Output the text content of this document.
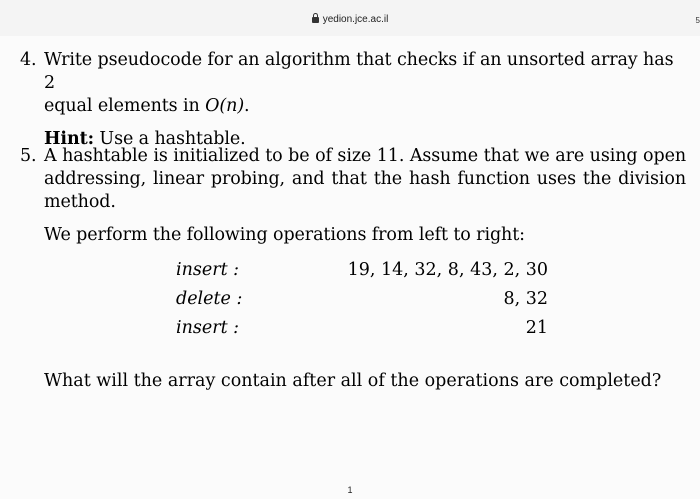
yedion.jce.ac.il	5
4. Write pseudocode for an algorithm that checks if an unsorted array has 2

equal elements in O(n).

Hint: Use a hashtable.

5. A hashtable is initialized to be of size 11. Assume that we are using open addressing, linear probing, and that the hash function uses the division method.

We perform the following operations from left to right:

insert :	19, 14, 32, 8, 43, 2, 30
delete :	8, 32
insert :	21
What will the array contain after all of the operations are completed?
1
